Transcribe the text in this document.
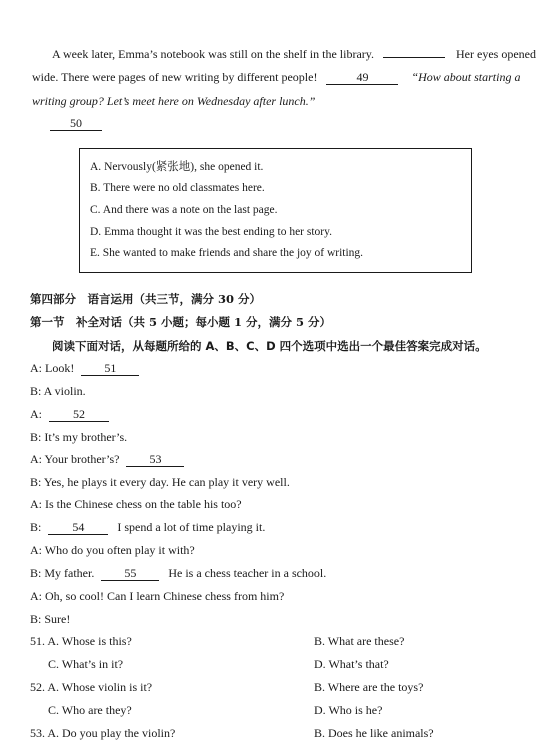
A week later, Emma’s notebook was still on the shelf in the library.	Her eyes opened
wide. There were pages of new writing by different people!	49	“How about starting a
writing group? Let’s meet here on Wednesday after lunch.”
50
A. Nervously(紧张地), she opened it.
B. There were no old classmates here.
C. And there was a note on the last page.
D. Emma thought it was the best ending to her story.
E. She wanted to make friends and share the joy of writing.
第四部分　语言运用（共三节，满分 30 分）
第一节　补全对话（共 5 小题；每小题 1 分，满分 5 分）
阅读下面对话，从每题所给的 A、B、C、D 四个选项中选出一个最佳答案完成对话。
A: Look!	51
B: A violin.
A:	52
B: It’s my brother’s.
A: Your brother’s?	53
B: Yes, he plays it every day. He can play it very well.
A: Is the Chinese chess on the table his too?
B:	54	I spend a lot of time playing it.
A: Who do you often play it with?
B: My father.	55	He is a chess teacher in a school.
A: Oh, so cool! Can I learn Chinese chess from him?
B: Sure!
51. A. Whose is this?	B. What are these?
C. What’s in it?	D. What’s that?
52. A. Whose violin is it?	B. Where are the toys?
C. Who are they?	D. Who is he?
53. A. Do you play the violin?	B. Does he like animals?
